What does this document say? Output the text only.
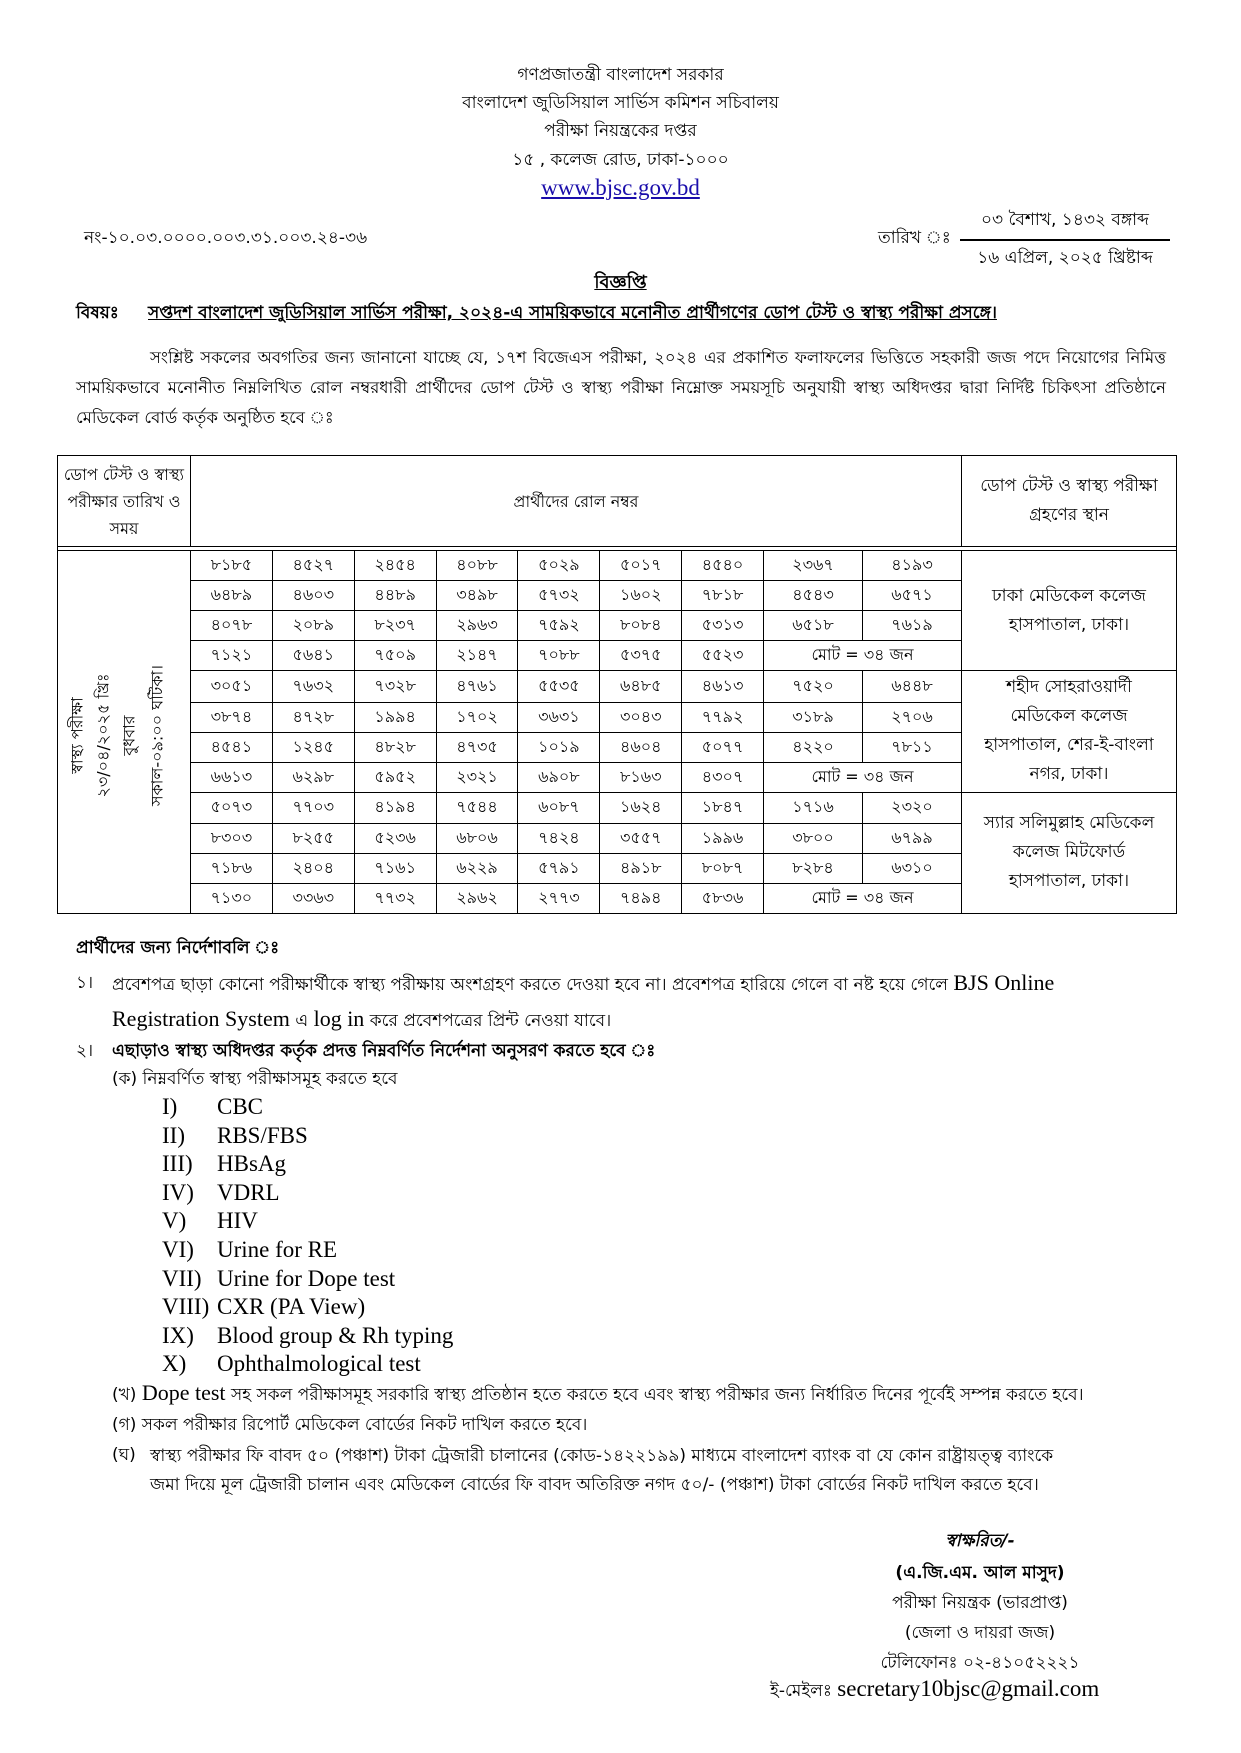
গণপ্রজাতন্ত্রী বাংলাদেশ সরকার
বাংলাদেশ জুডিসিয়াল সার্ভিস কমিশন সচিবালয়
পরীক্ষা নিয়ন্ত্রকের দপ্তর
১৫ , কলেজ রোড, ঢাকা-১০০০
www.bjsc.gov.bd
নং-১০.০৩.০০০০.০০৩.৩১.০০৩.২৪-৩৬	তারিখ ঃ
০৩ বৈশাখ, ১৪৩২ বঙ্গাব্দ
১৬ এপ্রিল, ২০২৫ খ্রিষ্টাব্দ
বিজ্ঞপ্তি
বিষয়ঃ সপ্তদশ বাংলাদেশ জুডিসিয়াল সার্ভিস পরীক্ষা, ২০২৪-এ সাময়িকভাবে মনোনীত প্রার্থীগণের ডোপ টেস্ট ও স্বাস্থ্য পরীক্ষা প্রসঙ্গে।
সংশ্লিষ্ট সকলের অবগতির জন্য জানানো যাচ্ছে যে, ১৭শ বিজেএস পরীক্ষা, ২০২৪ এর প্রকাশিত ফলাফলের ভিত্তিতে সহকারী জজ পদে নিয়োগের নিমিত্ত সাময়িকভাবে মনোনীত নিম্নলিখিত রোল নম্বরধারী প্রার্থীদের ডোপ টেস্ট ও স্বাস্থ্য পরীক্ষা নিম্নোক্ত সময়সূচি অনুযায়ী স্বাস্থ্য অধিদপ্তর দ্বারা নির্দিষ্ট চিকিৎসা প্রতিষ্ঠানে মেডিকেল বোর্ড কর্তৃক অনুষ্ঠিত হবে ঃ
ডোপ টেস্ট ও স্বাস্থ্য পরীক্ষার তারিখ ও সময়	প্রার্থীদের রোল নম্বর									ডোপ টেস্ট ও স্বাস্থ্য পরীক্ষা গ্রহণের স্থান

স্বাস্থ্য পরীক্ষা ২৩/০৪/২০২৫ খ্রিঃ বুধবার সকাল-০৯:০০ ঘটিকা।	৮১৮৫	৪৫২৭	২৪৫৪	৪০৮৮	৫০২৯	৫০১৭	৪৫৪০	২৩৬৭	৪১৯৩	ঢাকা মেডিকেল কলেজ হাসপাতাল, ঢাকা।
	৬৪৮৯	৪৬০৩	৪৪৮৯	৩৪৯৮	৫৭৩২	১৬০২	৭৮১৮	৪৫৪৩	৬৫৭১	
	৪০৭৮	২০৮৯	৮২৩৭	২৯৬৩	৭৫৯২	৮০৮৪	৫৩১৩	৬৫১৮	৭৬১৯	
	৭১২১	৫৬৪১	৭৫০৯	২১৪৭	৭০৮৮	৫৩৭৫	৫৫২৩	মোট = ৩৪ জন		
	৩০৫১	৭৬৩২	৭৩২৮	৪৭৬১	৫৫৩৫	৬৪৮৫	৪৬১৩	৭৫২০	৬৪৪৮	শহীদ সোহরাওয়ার্দী মেডিকেল কলেজ হাসপাতাল, শের-ই-বাংলা নগর, ঢাকা।
	৩৮৭৪	৪৭২৮	১৯৯৪	১৭০২	৩৬৩১	৩০৪৩	৭৭৯২	৩১৮৯	২৭০৬	
	৪৫৪১	১২৪৫	৪৮২৮	৪৭৩৫	১০১৯	৪৬০৪	৫০৭৭	৪২২০	৭৮১১	
	৬৬১৩	৬২৯৮	৫৯৫২	২৩২১	৬৯০৮	৮১৬৩	৪৩০৭	মোট = ৩৪ জন		
	৫০৭৩	৭৭০৩	৪১৯৪	৭৫৪৪	৬০৮৭	১৬২৪	১৮৪৭	১৭১৬	২৩২০	স্যার সলিমুল্লাহ মেডিকেল কলেজ মিটফোর্ড হাসপাতাল, ঢাকা।
	৮৩০৩	৮২৫৫	৫২৩৬	৬৮০৬	৭৪২৪	৩৫৫৭	১৯৯৬	৩৮০০	৬৭৯৯	
	৭১৮৬	২৪০৪	৭১৬১	৬২২৯	৫৭৯১	৪৯১৮	৮০৮৭	৮২৮৪	৬৩১০	
	৭১৩০	৩৩৬৩	৭৭৩২	২৯৬২	২৭৭৩	৭৪৯৪	৫৮৩৬	মোট = ৩৪ জন		
প্রার্থীদের জন্য নির্দেশাবলি ঃ
১। প্রবেশপত্র ছাড়া কোনো পরীক্ষার্থীকে স্বাস্থ্য পরীক্ষায় অংশগ্রহণ করতে দেওয়া হবে না। প্রবেশপত্র হারিয়ে গেলে বা নষ্ট হয়ে গেলে BJS Online
Registration System এ log in করে প্রবেশপত্রের প্রিন্ট নেওয়া যাবে।
২। এছাড়াও স্বাস্থ্য অধিদপ্তর কর্তৃক প্রদত্ত নিম্নবর্ণিত নির্দেশনা অনুসরণ করতে হবে ঃ
(ক) নিম্নবর্ণিত স্বাস্থ্য পরীক্ষাসমূহ করতে হবে
I) CBC
II) RBS/FBS
III) HBsAg
IV) VDRL
V) HIV
VI) Urine for RE
VII) Urine for Dope test
VIII) CXR (PA View)
IX) Blood group & Rh typing
X) Ophthalmological test
(খ) Dope test সহ সকল পরীক্ষাসমূহ সরকারি স্বাস্থ্য প্রতিষ্ঠান হতে করতে হবে এবং স্বাস্থ্য পরীক্ষার জন্য নির্ধারিত দিনের পূর্বেই সম্পন্ন করতে হবে।
(গ) সকল পরীক্ষার রিপোর্ট মেডিকেল বোর্ডের নিকট দাখিল করতে হবে।
(ঘ) স্বাস্থ্য পরীক্ষার ফি বাবদ ৫০ (পঞ্চাশ) টাকা ট্রেজারী চালানের (কোড-১৪২২১৯৯) মাধ্যমে বাংলাদেশ ব্যাংক বা যে কোন রাষ্ট্রায়ত্ত্ব ব্যাংকে
জমা দিয়ে মূল ট্রেজারী চালান এবং মেডিকেল বোর্ডের ফি বাবদ অতিরিক্ত নগদ ৫০/- (পঞ্চাশ) টাকা বোর্ডের নিকট দাখিল করতে হবে।
স্বাক্ষরিত/-
(এ.জি.এম. আল মাসুদ)
পরীক্ষা নিয়ন্ত্রক (ভারপ্রাপ্ত)
(জেলা ও দায়রা জজ)
টেলিফোনঃ ০২-৪১০৫২২২১
ই-মেইলঃ secretary10bjsc@gmail.com
